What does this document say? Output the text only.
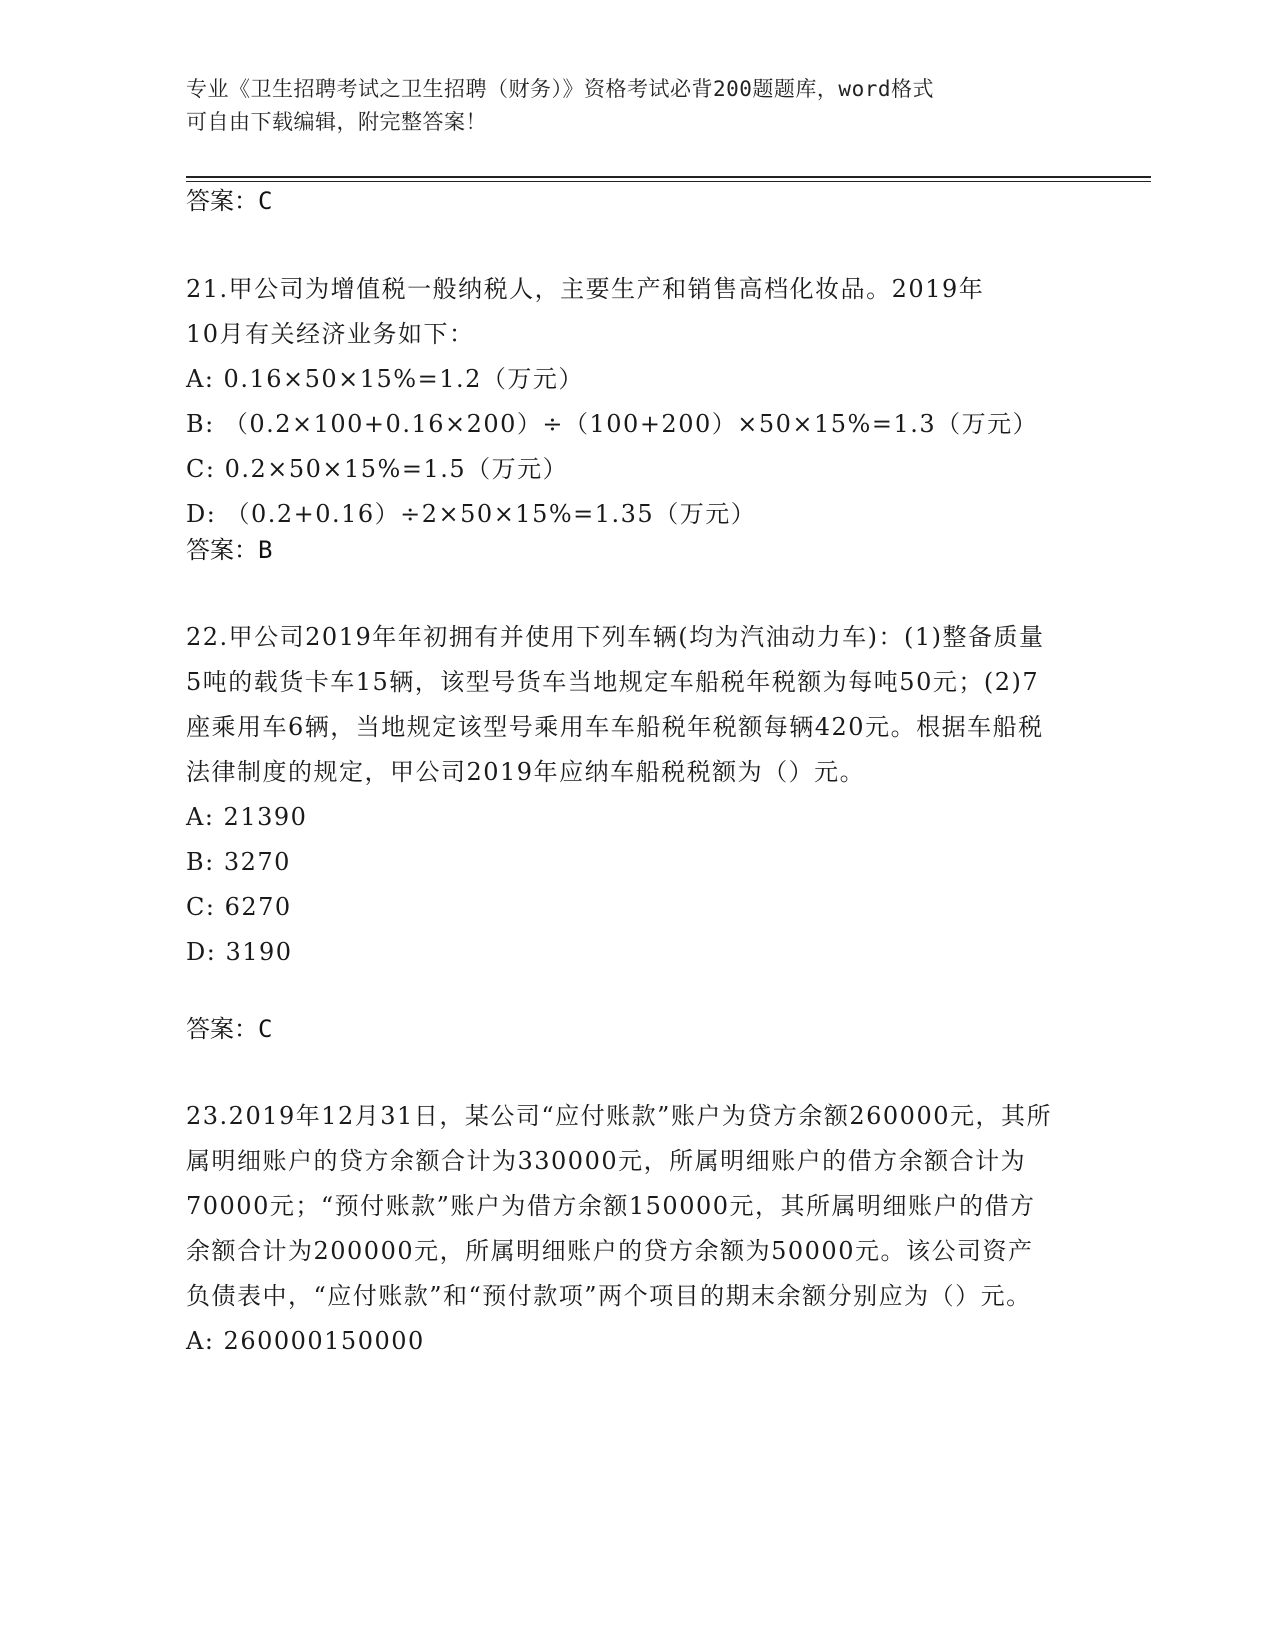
专业《卫生招聘考试之卫生招聘（财务）》资格考试必背200题题库，word格式
可自由下载编辑，附完整答案！
答案：C

21.甲公司为增值税一般纳税人，主要生产和销售高档化妆品。2019年10月有关经济业务如下：

A: 0.16×50×15%=1.2（万元）

B: （0.2×100+0.16×200）÷（100+200）×50×15%=1.3（万元）

C: 0.2×50×15%=1.5（万元）

D: （0.2+0.16）÷2×50×15%=1.35（万元）

答案：B

22.甲公司2019年年初拥有并使用下列车辆(均为汽油动力车)：(1)整备质量5吨的载货卡车15辆，该型号货车当地规定车船税年税额为每吨50元；(2)7座乘用车6辆，当地规定该型号乘用车车船税年税额每辆420元。根据车船税法律制度的规定，甲公司2019年应纳车船税税额为（）元。

A: 21390

B: 3270

C: 6270

D: 3190

答案：C

23.2019年12月31日，某公司“应付账款”账户为贷方余额260000元，其所属明细账户的贷方余额合计为330000元，所属明细账户的借方余额合计为70000元；“预付账款”账户为借方余额150000元，其所属明细账户的借方余额合计为200000元，所属明细账户的贷方余额为50000元。该公司资产负债表中，“应付账款”和“预付款项”两个项目的期末余额分别应为（）元。

A: 260000150000
